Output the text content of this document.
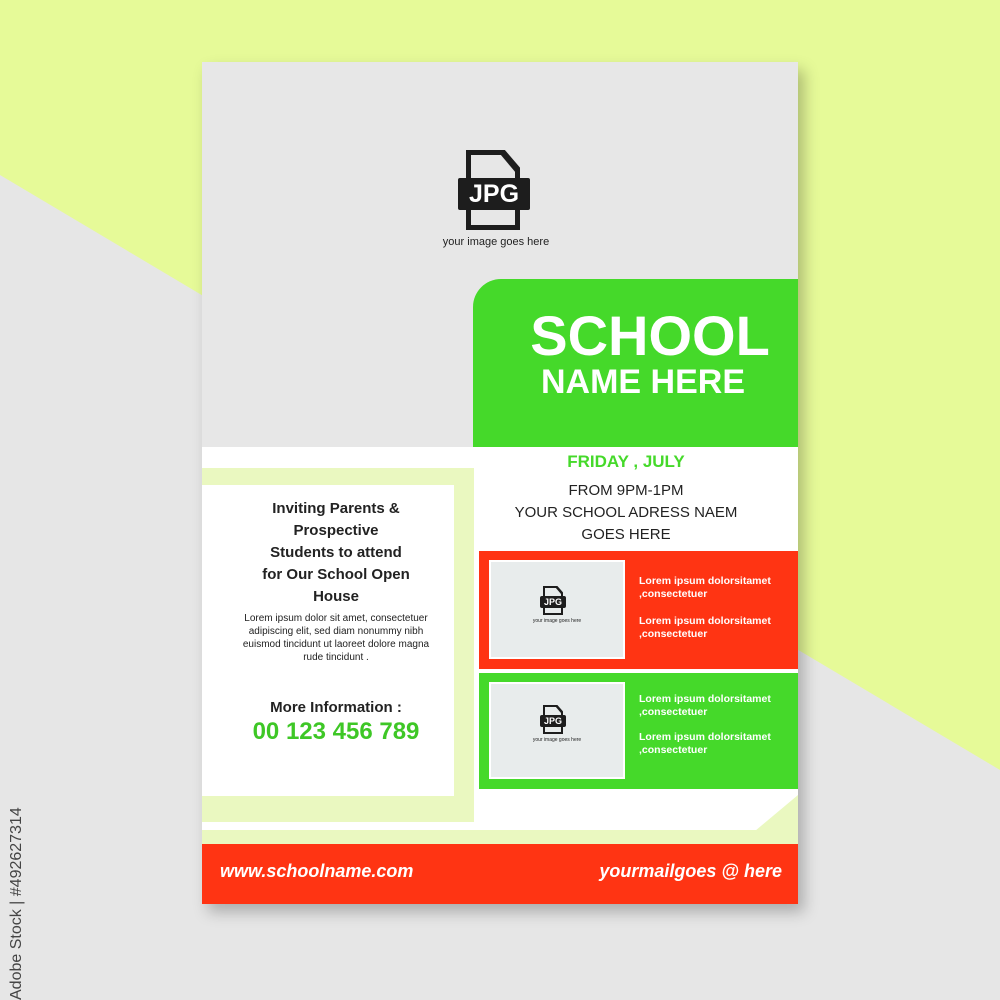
Adobe Stock | #492627314
JPG
your image goes here
SCHOOL
NAME HERE
FRIDAY , JULY
FROM 9PM-1PM
YOUR SCHOOL ADRESS NAEM
GOES HERE
Inviting Parents &
Prospective
Students to attend
for Our School Open
House
Lorem ipsum dolor sit amet, consectetuer
adipiscing elit, sed diam nonummy nibh
euismod tincidunt ut laoreet dolore magna
rude tincidunt .
More Information :
00 123 456 789
JPG
your image goes here
Lorem ipsum dolorsitamet
,consectetuer
Lorem ipsum dolorsitamet
,consectetuer
JPG
your image goes here
Lorem ipsum dolorsitamet
,consectetuer
Lorem ipsum dolorsitamet
,consectetuer
www.schoolname.com	yourmailgoes @ here
